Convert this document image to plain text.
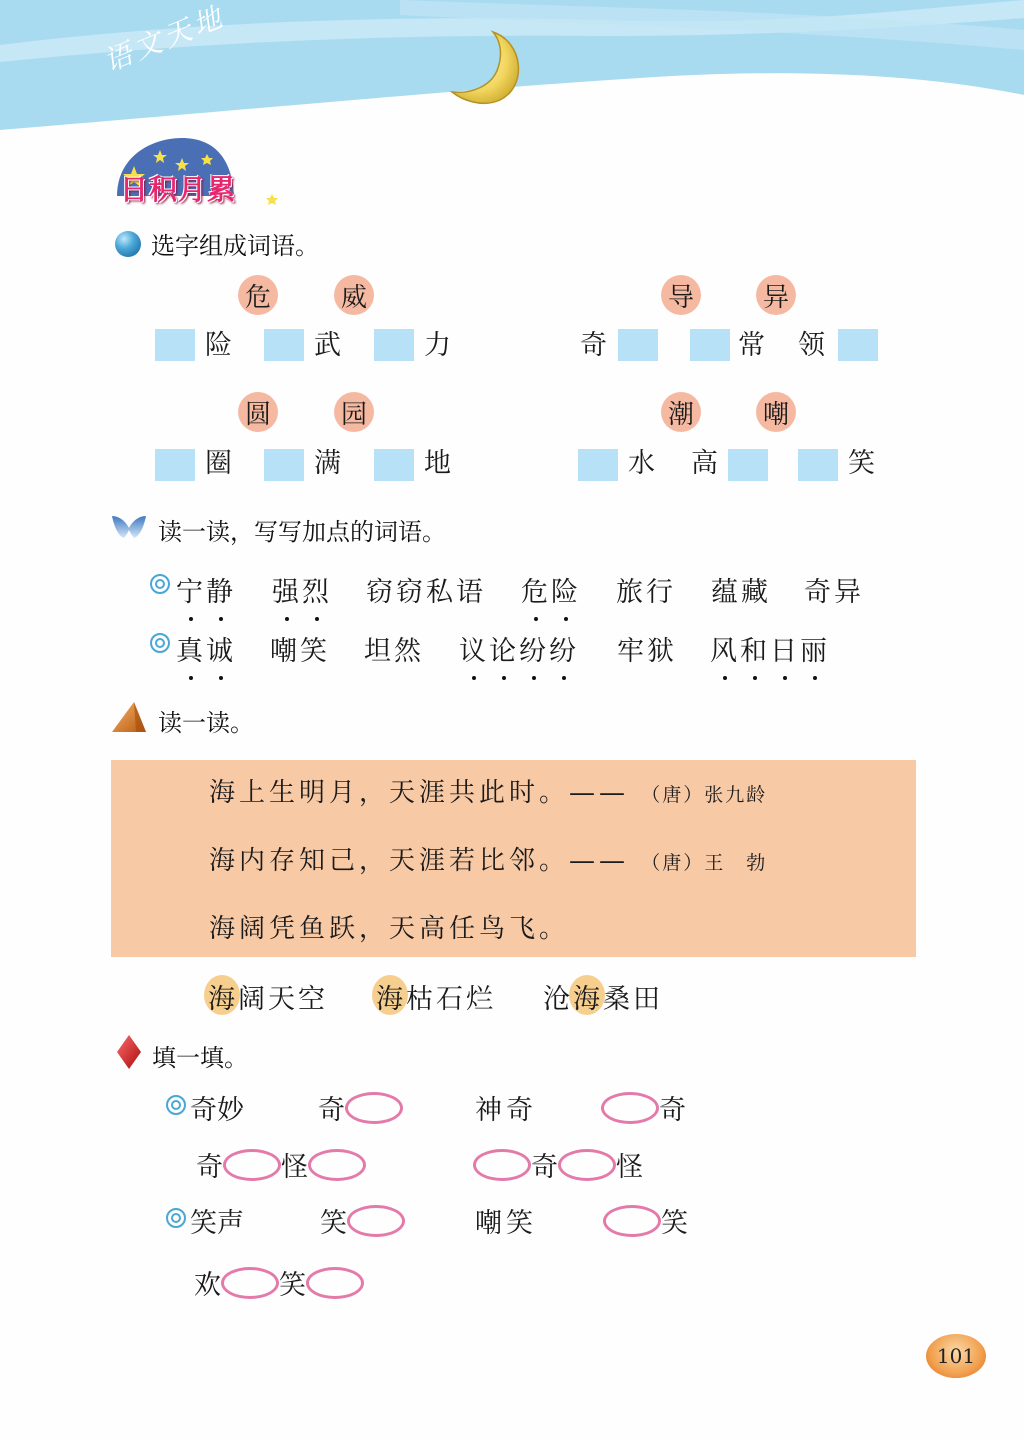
语文天地
日积月累
选字组成词语。
危	威
险	武	力
导	异
奇	常 领
圆	园
圈	满	地
潮	嘲
水 高	笑
读一读，写写加点的词语。
宁静 强烈 窃窃私语 危险 旅行 蕴藏 奇异
真诚 嘲笑 坦然 议论纷纷 牢狱 风和日丽
读一读。
海上生明月，天涯共此时。—— （唐）张九龄
海内存知己，天涯若比邻。—— （唐）王　勃
海阔凭鱼跃，天高任鸟飞。
海阔天空 海枯石烂 沧海桑田
填一填。
奇妙	奇	神奇	奇
奇 怪	奇 怪
笑声	笑	嘲笑	笑
欢 笑
101
